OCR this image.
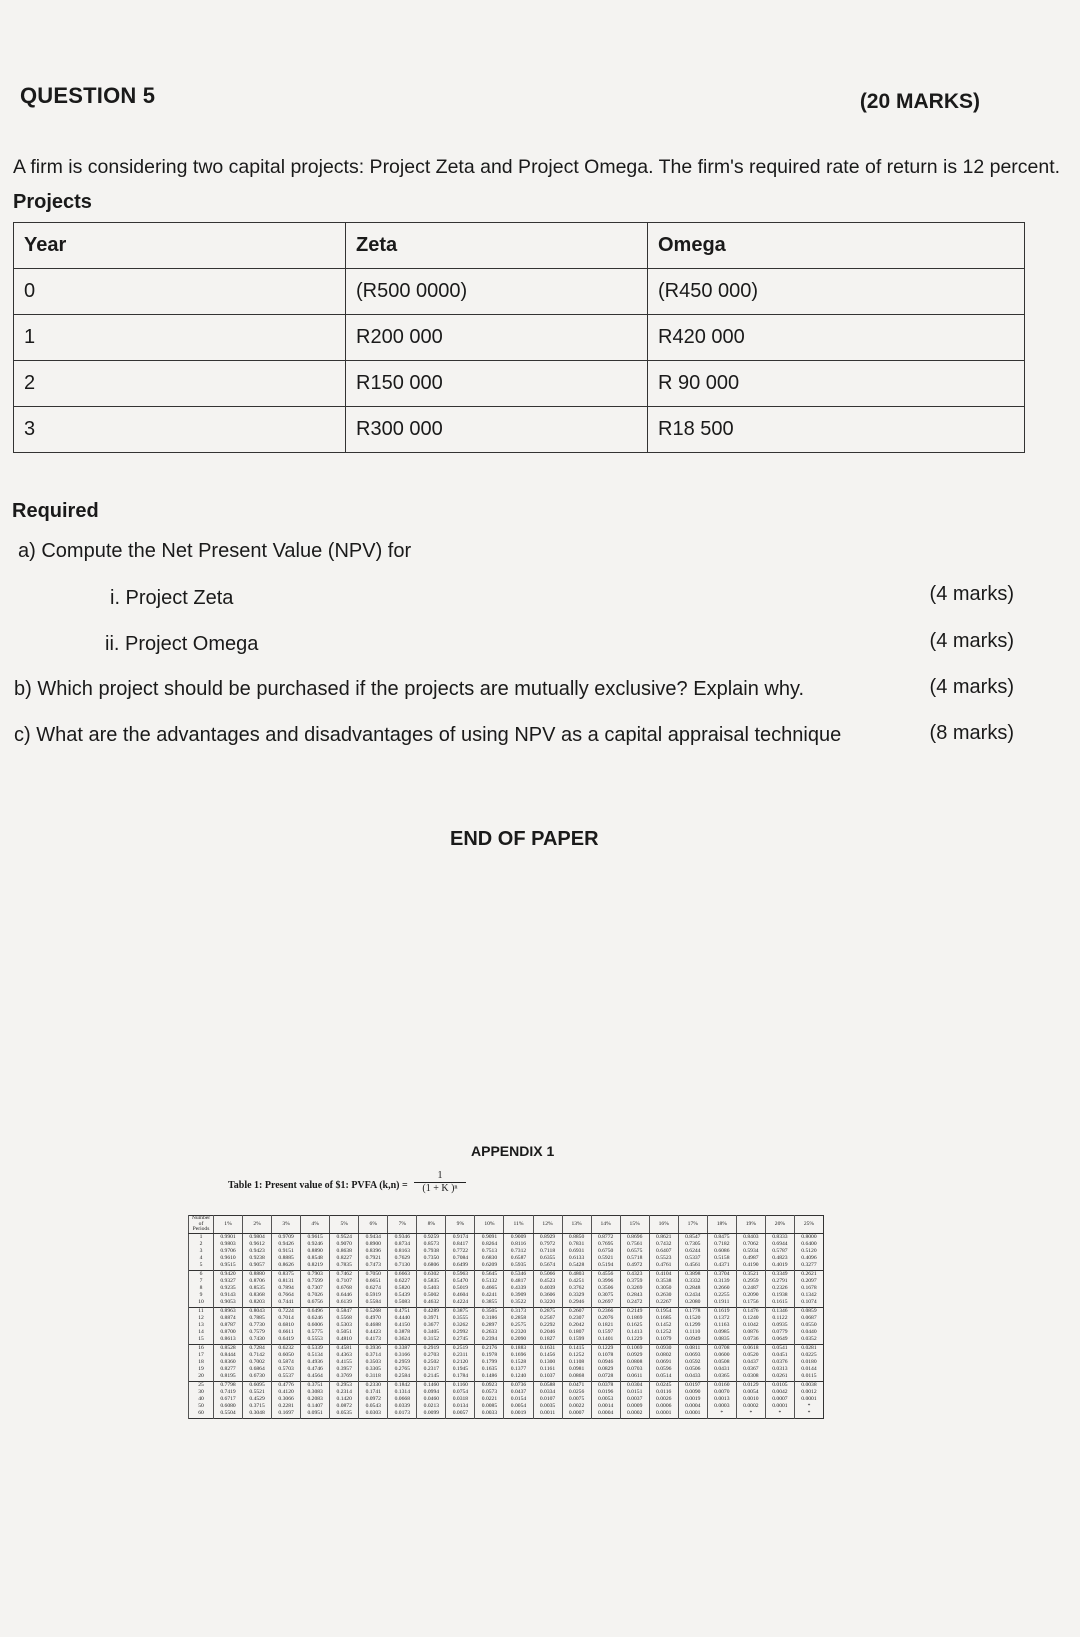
QUESTION 5	(20 MARKS)
A firm is considering two capital projects: Project Zeta and Project Omega. The firm's required rate of return is 12 percent.
Projects
Year	Zeta	Omega
0	(R500 0000)	(R450 000)
1	R200 000	R420 000
2	R150 000	R 90 000
3	R300 000	R18 500
Required
a) Compute the Net Present Value (NPV) for
i. Project Zeta	(4 marks)
ii. Project Omega	(4 marks)
b) Which project should be purchased if the projects are mutually exclusive? Explain why.	(4 marks)
c) What are the advantages and disadvantages of using NPV as a capital appraisal technique	(8 marks)
END OF PAPER
APPENDIX 1
Table 1: Present value of $1: PVFA $(k,n) = \frac{1}{\text{(1 + K )ⁿ}}$
Number of Periods	1%	2%	3%	4%	5%	6%	7%	8%	9%	10%	11%	12%	13%	14%	15%	16%	17%	18%	19%	20%	25%
1	0.9901	0.9804	0.9709	0.9615	0.9524	0.9434	0.9346	0.9259	0.9174	0.9091	0.9009	0.8929	0.8850	0.8772	0.8696	0.8621	0.8547	0.8475	0.8403	0.8333	0.8000
2	0.9803	0.9612	0.9426	0.9246	0.9070	0.8900	0.8734	0.8573	0.8417	0.8264	0.8116	0.7972	0.7831	0.7695	0.7561	0.7432	0.7305	0.7182	0.7062	0.6944	0.6400
3	0.9706	0.9423	0.9151	0.8890	0.8638	0.8396	0.8163	0.7938	0.7722	0.7513	0.7312	0.7118	0.6931	0.6750	0.6575	0.6407	0.6244	0.6086	0.5934	0.5787	0.5120
4	0.9610	0.9238	0.8885	0.8548	0.8227	0.7921	0.7629	0.7350	0.7084	0.6830	0.6587	0.6355	0.6133	0.5921	0.5718	0.5523	0.5337	0.5158	0.4987	0.4823	0.4096
5	0.9515	0.9057	0.8626	0.8219	0.7835	0.7473	0.7130	0.6806	0.6499	0.6209	0.5935	0.5674	0.5428	0.5194	0.4972	0.4761	0.4561	0.4371	0.4190	0.4019	0.3277
6	0.9420	0.8880	0.8375	0.7903	0.7462	0.7050	0.6663	0.6302	0.5963	0.5645	0.5346	0.5066	0.4803	0.4556	0.4323	0.4104	0.3898	0.3704	0.3521	0.3349	0.2621
7	0.9327	0.8706	0.8131	0.7599	0.7107	0.6651	0.6227	0.5835	0.5470	0.5132	0.4817	0.4523	0.4251	0.3996	0.3759	0.3538	0.3332	0.3139	0.2959	0.2791	0.2097
8	0.9235	0.8535	0.7894	0.7307	0.6768	0.6274	0.5820	0.5403	0.5019	0.4665	0.4339	0.4039	0.3762	0.3506	0.3269	0.3050	0.2848	0.2660	0.2487	0.2326	0.1678
9	0.9143	0.8368	0.7664	0.7026	0.6446	0.5919	0.5439	0.5002	0.4604	0.4241	0.3909	0.3606	0.3329	0.3075	0.2843	0.2630	0.2434	0.2255	0.2090	0.1938	0.1342
10	0.9053	0.8203	0.7441	0.6756	0.6139	0.5584	0.5083	0.4632	0.4224	0.3855	0.3522	0.3220	0.2946	0.2697	0.2472	0.2267	0.2080	0.1911	0.1756	0.1615	0.1074
11	0.8963	0.8043	0.7224	0.6496	0.5847	0.5268	0.4751	0.4289	0.3875	0.3505	0.3173	0.2875	0.2607	0.2366	0.2149	0.1954	0.1778	0.1619	0.1476	0.1346	0.0859
12	0.8874	0.7885	0.7014	0.6246	0.5568	0.4970	0.4440	0.3971	0.3555	0.3186	0.2858	0.2567	0.2307	0.2076	0.1869	0.1685	0.1520	0.1372	0.1240	0.1122	0.0687
13	0.8787	0.7730	0.6810	0.6006	0.5303	0.4688	0.4150	0.3677	0.3262	0.2897	0.2575	0.2292	0.2042	0.1821	0.1625	0.1452	0.1299	0.1163	0.1042	0.0935	0.0550
14	0.8700	0.7579	0.6611	0.5775	0.5051	0.4423	0.3878	0.3405	0.2992	0.2633	0.2320	0.2046	0.1807	0.1597	0.1413	0.1252	0.1110	0.0985	0.0876	0.0779	0.0440
15	0.8613	0.7430	0.6419	0.5553	0.4810	0.4173	0.3624	0.3152	0.2745	0.2394	0.2090	0.1827	0.1599	0.1401	0.1229	0.1079	0.0949	0.0835	0.0736	0.0649	0.0352
16	0.8528	0.7284	0.6232	0.5339	0.4581	0.3936	0.3387	0.2919	0.2519	0.2176	0.1883	0.1631	0.1415	0.1229	0.1069	0.0930	0.0811	0.0708	0.0618	0.0541	0.0281
17	0.8444	0.7142	0.6050	0.5134	0.4363	0.3714	0.3166	0.2703	0.2311	0.1978	0.1696	0.1456	0.1252	0.1078	0.0929	0.0802	0.0693	0.0600	0.0520	0.0451	0.0225
18	0.8360	0.7002	0.5874	0.4936	0.4155	0.3503	0.2959	0.2502	0.2120	0.1799	0.1528	0.1300	0.1108	0.0946	0.0808	0.0691	0.0592	0.0508	0.0437	0.0376	0.0180
19	0.8277	0.6864	0.5703	0.4746	0.3957	0.3305	0.2765	0.2317	0.1945	0.1635	0.1377	0.1161	0.0981	0.0829	0.0703	0.0596	0.0506	0.0431	0.0367	0.0313	0.0144
20	0.8195	0.6730	0.5537	0.4564	0.3769	0.3118	0.2584	0.2145	0.1784	0.1486	0.1240	0.1037	0.0868	0.0728	0.0611	0.0514	0.0433	0.0365	0.0308	0.0261	0.0115
25	0.7798	0.6095	0.4776	0.3751	0.2953	0.2330	0.1842	0.1460	0.1160	0.0923	0.0736	0.0588	0.0471	0.0378	0.0304	0.0245	0.0197	0.0160	0.0129	0.0105	0.0038
30	0.7419	0.5521	0.4120	0.3083	0.2314	0.1741	0.1314	0.0994	0.0754	0.0573	0.0437	0.0334	0.0256	0.0196	0.0151	0.0116	0.0090	0.0070	0.0054	0.0042	0.0012
40	0.6717	0.4529	0.3066	0.2083	0.1420	0.0972	0.0668	0.0460	0.0318	0.0221	0.0154	0.0107	0.0075	0.0053	0.0037	0.0026	0.0019	0.0013	0.0010	0.0007	0.0001
50	0.6080	0.3715	0.2281	0.1407	0.0872	0.0543	0.0339	0.0213	0.0134	0.0085	0.0054	0.0035	0.0022	0.0014	0.0009	0.0006	0.0004	0.0003	0.0002	0.0001	*
60	0.5504	0.3048	0.1697	0.0951	0.0535	0.0303	0.0173	0.0099	0.0057	0.0033	0.0019	0.0011	0.0007	0.0004	0.0002	0.0001	0.0001	*	*	*	*
